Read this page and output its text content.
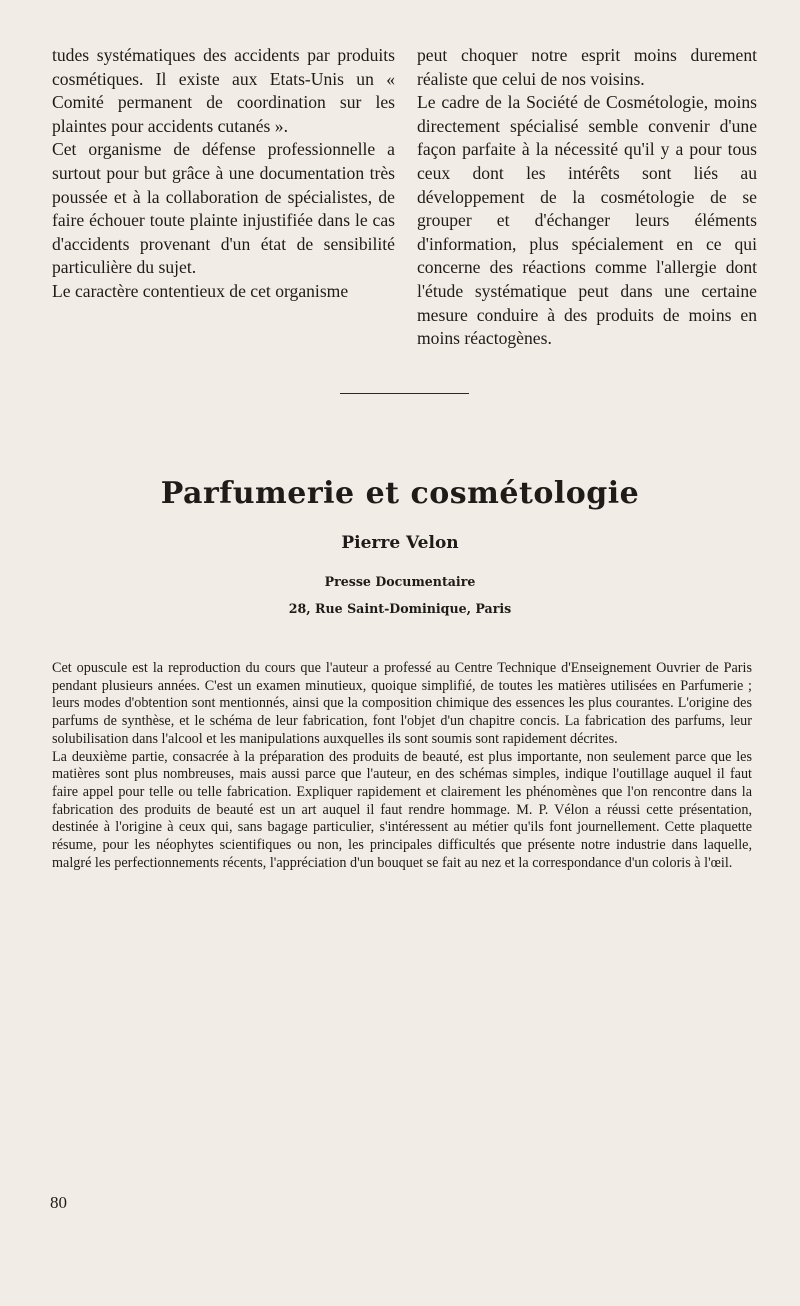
tudes systématiques des accidents par produits cosmétiques. Il existe aux Etats-Unis un « Comité permanent de coordination sur les plaintes pour accidents cutanés ».

Cet organisme de défense professionnelle a surtout pour but grâce à une documentation très poussée et à la collaboration de spécialistes, de faire échouer toute plainte injustifiée dans le cas d'accidents provenant d'un état de sensibilité particulière du sujet.

Le caractère contentieux de cet organisme

peut choquer notre esprit moins durement réaliste que celui de nos voisins.

Le cadre de la Société de Cosmétologie, moins directement spécialisé semble convenir d'une façon parfaite à la nécessité qu'il y a pour tous ceux dont les intérêts sont liés au développement de la cosmétologie de se grouper et d'échanger leurs éléments d'information, plus spécialement en ce qui concerne des réactions comme l'allergie dont l'étude systématique peut dans une certaine mesure conduire à des produits de moins en moins réactogènes.

Parfumerie et cosmétologie
Pierre Velon
Presse Documentaire
28, Rue Saint-Dominique, Paris

Cet opuscule est la reproduction du cours que l'auteur a professé au Centre Technique d'Enseignement Ouvrier de Paris pendant plusieurs années. C'est un examen minutieux, quoique simplifié, de toutes les matières utilisées en Parfumerie ; leurs modes d'obtention sont mentionnés, ainsi que la composition chimique des essences les plus courantes. L'origine des parfums de synthèse, et le schéma de leur fabrication, font l'objet d'un chapitre concis. La fabrication des parfums, leur solubilisation dans l'alcool et les manipulations auxquelles ils sont soumis sont rapidement décrites.

La deuxième partie, consacrée à la préparation des produits de beauté, est plus importante, non seulement parce que les matières sont plus nombreuses, mais aussi parce que l'auteur, en des schémas simples, indique l'outillage auquel il faut faire appel pour telle ou telle fabrication. Expliquer rapidement et clairement les phénomènes que l'on rencontre dans la fabrication des produits de beauté est un art auquel il faut rendre hommage. M. P. Vélon a réussi cette présentation, destinée à l'origine à ceux qui, sans bagage particulier, s'intéressent au métier qu'ils font journellement. Cette plaquette résume, pour les néophytes scientifiques ou non, les principales difficultés que présente notre industrie dans laquelle, malgré les perfectionnements récents, l'appréciation d'un bouquet se fait au nez et la correspondance d'un coloris à l'œil.

80
